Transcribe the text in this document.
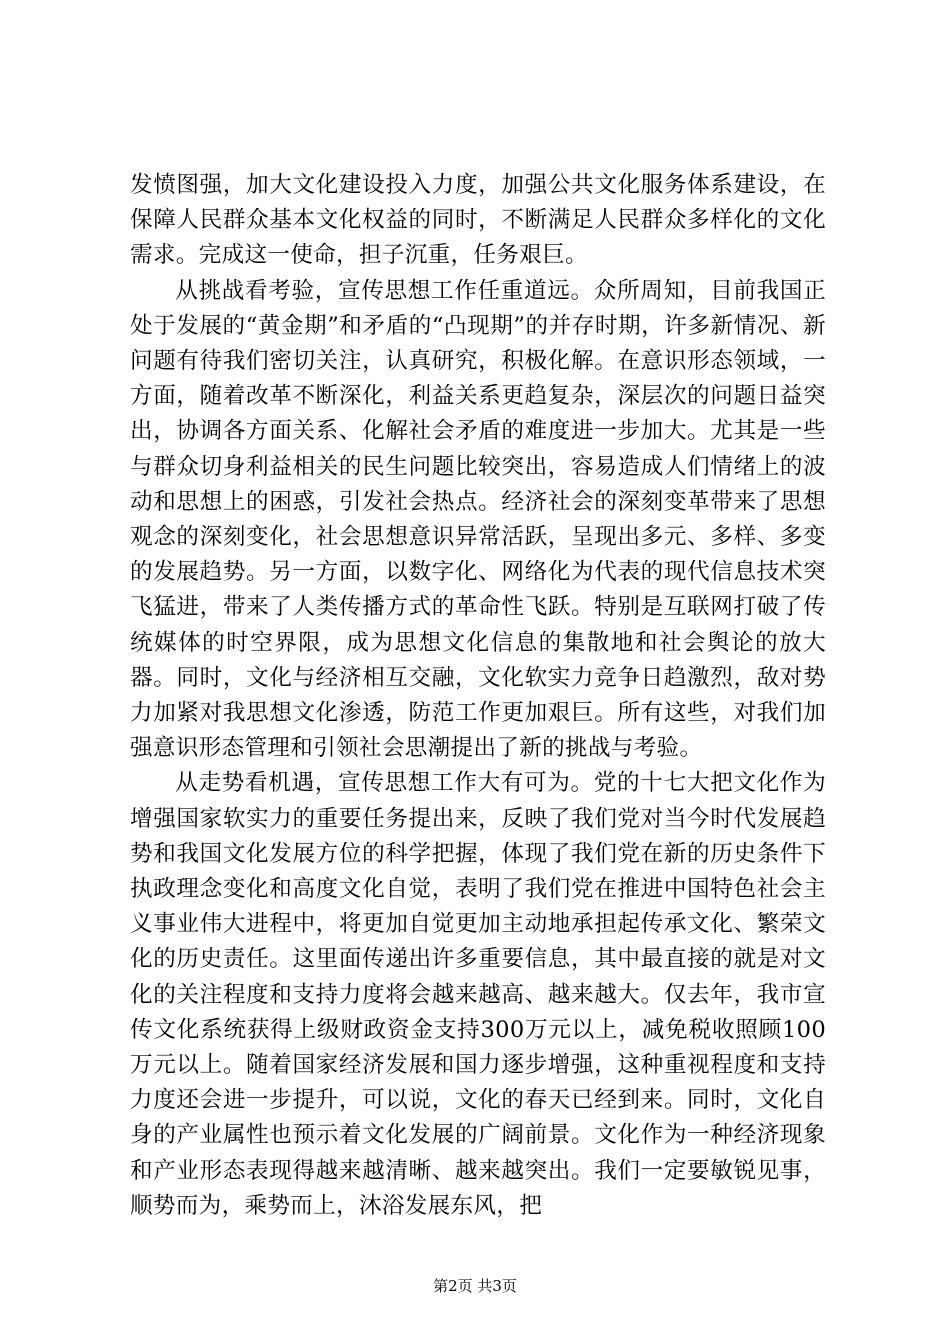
发愤图强，加大文化建设投入力度，加强公共文化服务体系建设，在保障人民群众基本文化权益的同时，不断满足人民群众多样化的文化需求。完成这一使命，担子沉重，任务艰巨。

从挑战看考验，宣传思想工作任重道远。众所周知，目前我国正处于发展的“黄金期”和矛盾的“凸现期”的并存时期，许多新情况、新问题有待我们密切关注，认真研究，积极化解。在意识形态领域，一方面，随着改革不断深化，利益关系更趋复杂，深层次的问题日益突出，协调各方面关系、化解社会矛盾的难度进一步加大。尤其是一些与群众切身利益相关的民生问题比较突出，容易造成人们情绪上的波动和思想上的困惑，引发社会热点。经济社会的深刻变革带来了思想观念的深刻变化，社会思想意识异常活跃，呈现出多元、多样、多变的发展趋势。另一方面，以数字化、网络化为代表的现代信息技术突飞猛进，带来了人类传播方式的革命性飞跃。特别是互联网打破了传统媒体的时空界限，成为思想文化信息的集散地和社会舆论的放大器。同时，文化与经济相互交融，文化软实力竞争日趋激烈，敌对势力加紧对我思想文化渗透，防范工作更加艰巨。所有这些，对我们加强意识形态管理和引领社会思潮提出了新的挑战与考验。

从走势看机遇，宣传思想工作大有可为。党的十七大把文化作为增强国家软实力的重要任务提出来，反映了我们党对当今时代发展趋势和我国文化发展方位的科学把握，体现了我们党在新的历史条件下执政理念变化和高度文化自觉，表明了我们党在推进中国特色社会主义事业伟大进程中，将更加自觉更加主动地承担起传承文化、繁荣文化的历史责任。这里面传递出许多重要信息，其中最直接的就是对文化的关注程度和支持力度将会越来越高、越来越大。仅去年，我市宣传文化系统获得上级财政资金支持300万元以上，减免税收照顾100万元以上。随着国家经济发展和国力逐步增强，这种重视程度和支持力度还会进一步提升，可以说，文化的春天已经到来。同时，文化自身的产业属性也预示着文化发展的广阔前景。文化作为一种经济现象和产业形态表现得越来越清晰、越来越突出。我们一定要敏锐见事，顺势而为，乘势而上，沐浴发展东风，把

第2页 共3页
